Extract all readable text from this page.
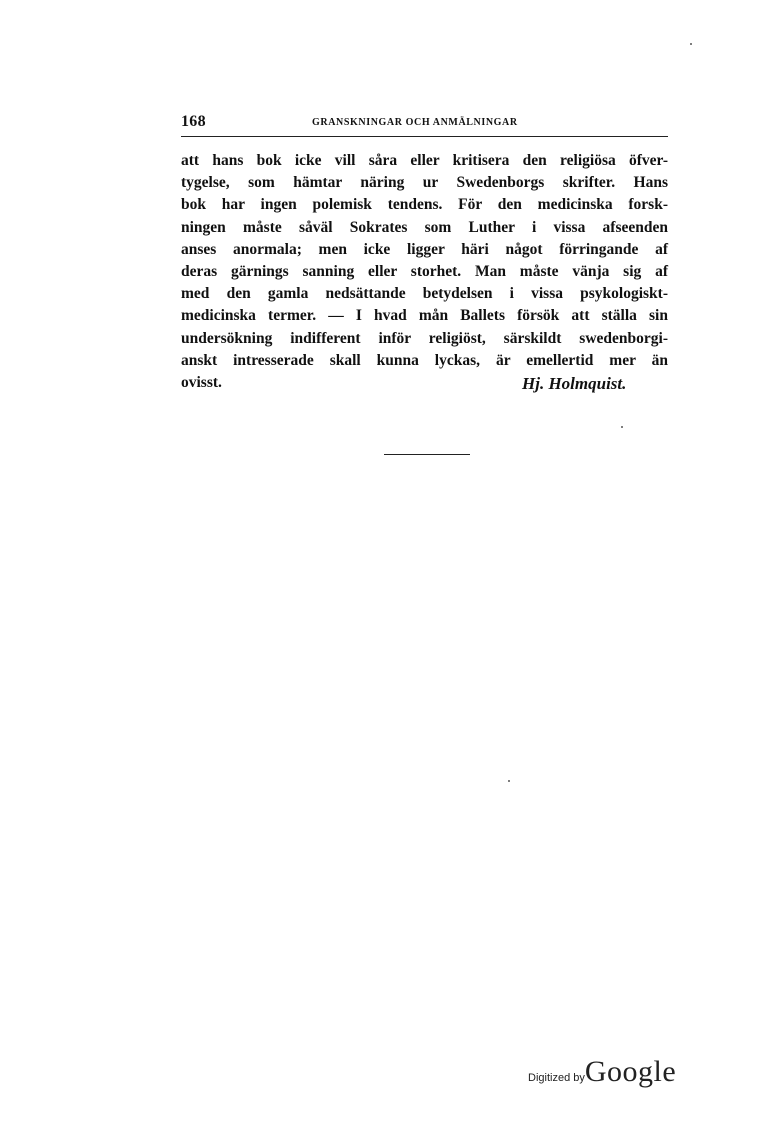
168	GRANSKNINGAR OCH ANMÄLNINGAR
att hans bok icke vill såra eller kritisera den religiösa öfver-
tygelse, som hämtar näring ur Swedenborgs skrifter. Hans
bok har ingen polemisk tendens. För den medicinska forsk-
ningen måste såväl Sokrates som Luther i vissa afseenden
anses anormala; men icke ligger häri något förringande af
deras gärnings sanning eller storhet. Man måste vänja sig af
med den gamla nedsättande betydelsen i vissa psykologiskt-
medicinska termer. — I hvad mån Ballets försök att ställa sin
undersökning indifferent inför religiöst, särskildt swedenborgi-
anskt intresserade skall kunna lyckas, är emellertid mer än
ovisst.	Hj. Holmquist.
Digitized byGoogle
